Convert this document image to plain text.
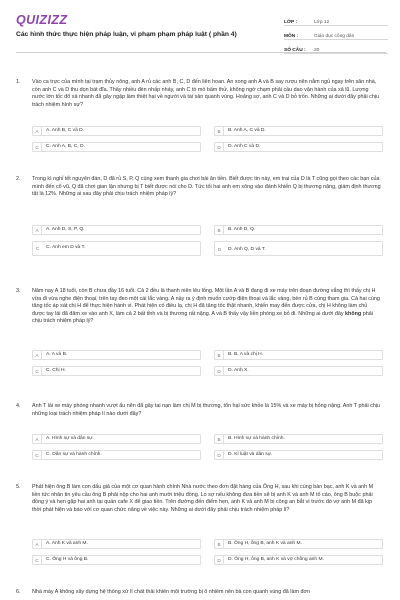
QUIZIZZ
Các hình thức thực hiện pháp luận, vi phạm phạm pháp luật ( phần 4)
LỚP :	Lớp 12
MÔN :	Giáo dục công dân
SỐ CÂU :	20
1. Vào ca trực của mình tại trạm thủy nông, anh A rủ các anh B, C, D đến liên hoan. An xong anh A và B say rượu nên nằm ngủ ngay trên sân nhà, còn anh C và D thu dọn bát đĩa. Thấy nhiều đèn nhấp nháy, anh C tò mò bấm thử, không ngờ chạm phải cầu dao vận hành của xả lũ. Lượng nước lớn tốc đổ xả nhanh đã gây ngập làm thiệt hại về người và tài sản quanh vùng. Hoảng sợ, anh C và D bỏ trốn. Những ai dưới đây phải chịu trách nhiệm hình sự?
A	A. Anh B, C và D.	B	B. Anh A, C và D.
C	C. Anh A, B, C, D.	D	D. Anh C và D.
2. Trong kì nghỉ tết nguyên đán, D đã rủ S, P, Q cùng xem thanh gia chơi bài ăn tiền. Biết được tin này, em trai của D là T cũng gọi theo các bạn của mình đến cổ vũ. Q đã chơi gian lận nhưng bị T biết được nói cho D. Tức tối hai anh em xông vào đánh khiến Q bị thương nặng, giám định thương tật là 12%. Những ai sau đây phải chịu trách nhiệm pháp lý?
A	A. Anh D, S, P, Q.	B	B. Anh D, Q.
C	C. Anh em D và T.	D	D. Anh Q, D và T.
3. Năm nay A 18 tuổi, còn B chưa đầy 16 tuổi. Cả 2 đều là thanh niên lêu lổng. Một lần A và B đang đi xe máy trên đoạn đường vắng thì thấy chị H vừa đi vừa nghe điện thoại, trên tay đeo một cái lắc vàng. A này ra ý định muốn cướp điện thoại và lắc vàng, bèn rủ B cùng tham gia. Cả hai cùng tăng tốc áp sát chị H để thực hiện hành vi. Phát hiện có điều lạ, chị H đã tăng tốc thật nhanh, khiến may đến được cửa, chị H không làm chủ được tay lái đã đâm xe vào anh X, làm cả 2 bất tỉnh và bị thương rất nặng. A và B thấy vậy liền phóng xe bỏ đi. Những ai dưới đây không phải chịu trách nhiệm pháp lý?
A	A. A và B.	B	B. B, A và chị H.
C	C. Chị H.	D	D. Anh X.
4. Anh T lái xe máy phóng nhanh vượt ẩu nên đã gây tai nạn làm chị M bị thương, tổn hại sức khỏe là 15% và xe máy bị hỏng nặng. Anh T phải chịu những loại trách nhiệm pháp lí nào dưới đây?
A	A. Hình sự và dân sự.	B	B. Hình sự và hành chính.
C	C. Dân sự và hành chính.	D	D. Kỉ luật và dân sự.
5. Phát hiện ông B làm con dấu giả của một cơ quan hành chính Nhà nước theo đơn đặt hàng của Ông H, sau khi cùng bàn bạc, anh K và anh M liền tức nhân tin yêu cầu ông B phải nộp cho hai anh mười triệu đồng. Lo sợ nếu không đưa tiền sẽ bị anh K và anh M tố cáo, ông B buộc phải đồng ý và hẹn gặp hai anh tại quán cafe X để giao tiền. Trên đường đến điểm hẹn, anh K và anh M bị công an bắt vì trước đó vợ anh M đã kịp thời phát hiện và báo với cơ quan chức năng về việc này. Những ai dưới đây phải chịu trách nhiệm pháp lí?
A	A. Anh K và anh M.	B	B. Ông H, ông B, anh K và anh M.
C	C. Ông H và ông B.	D	D. Ông H, ông B, anh K và vợ chồng anh M.
6. Nhà máy A không xây dựng hệ thống xử lí chất thải khiến môi trường bị ô nhiễm nên bà con quanh vùng đã làm đơn
